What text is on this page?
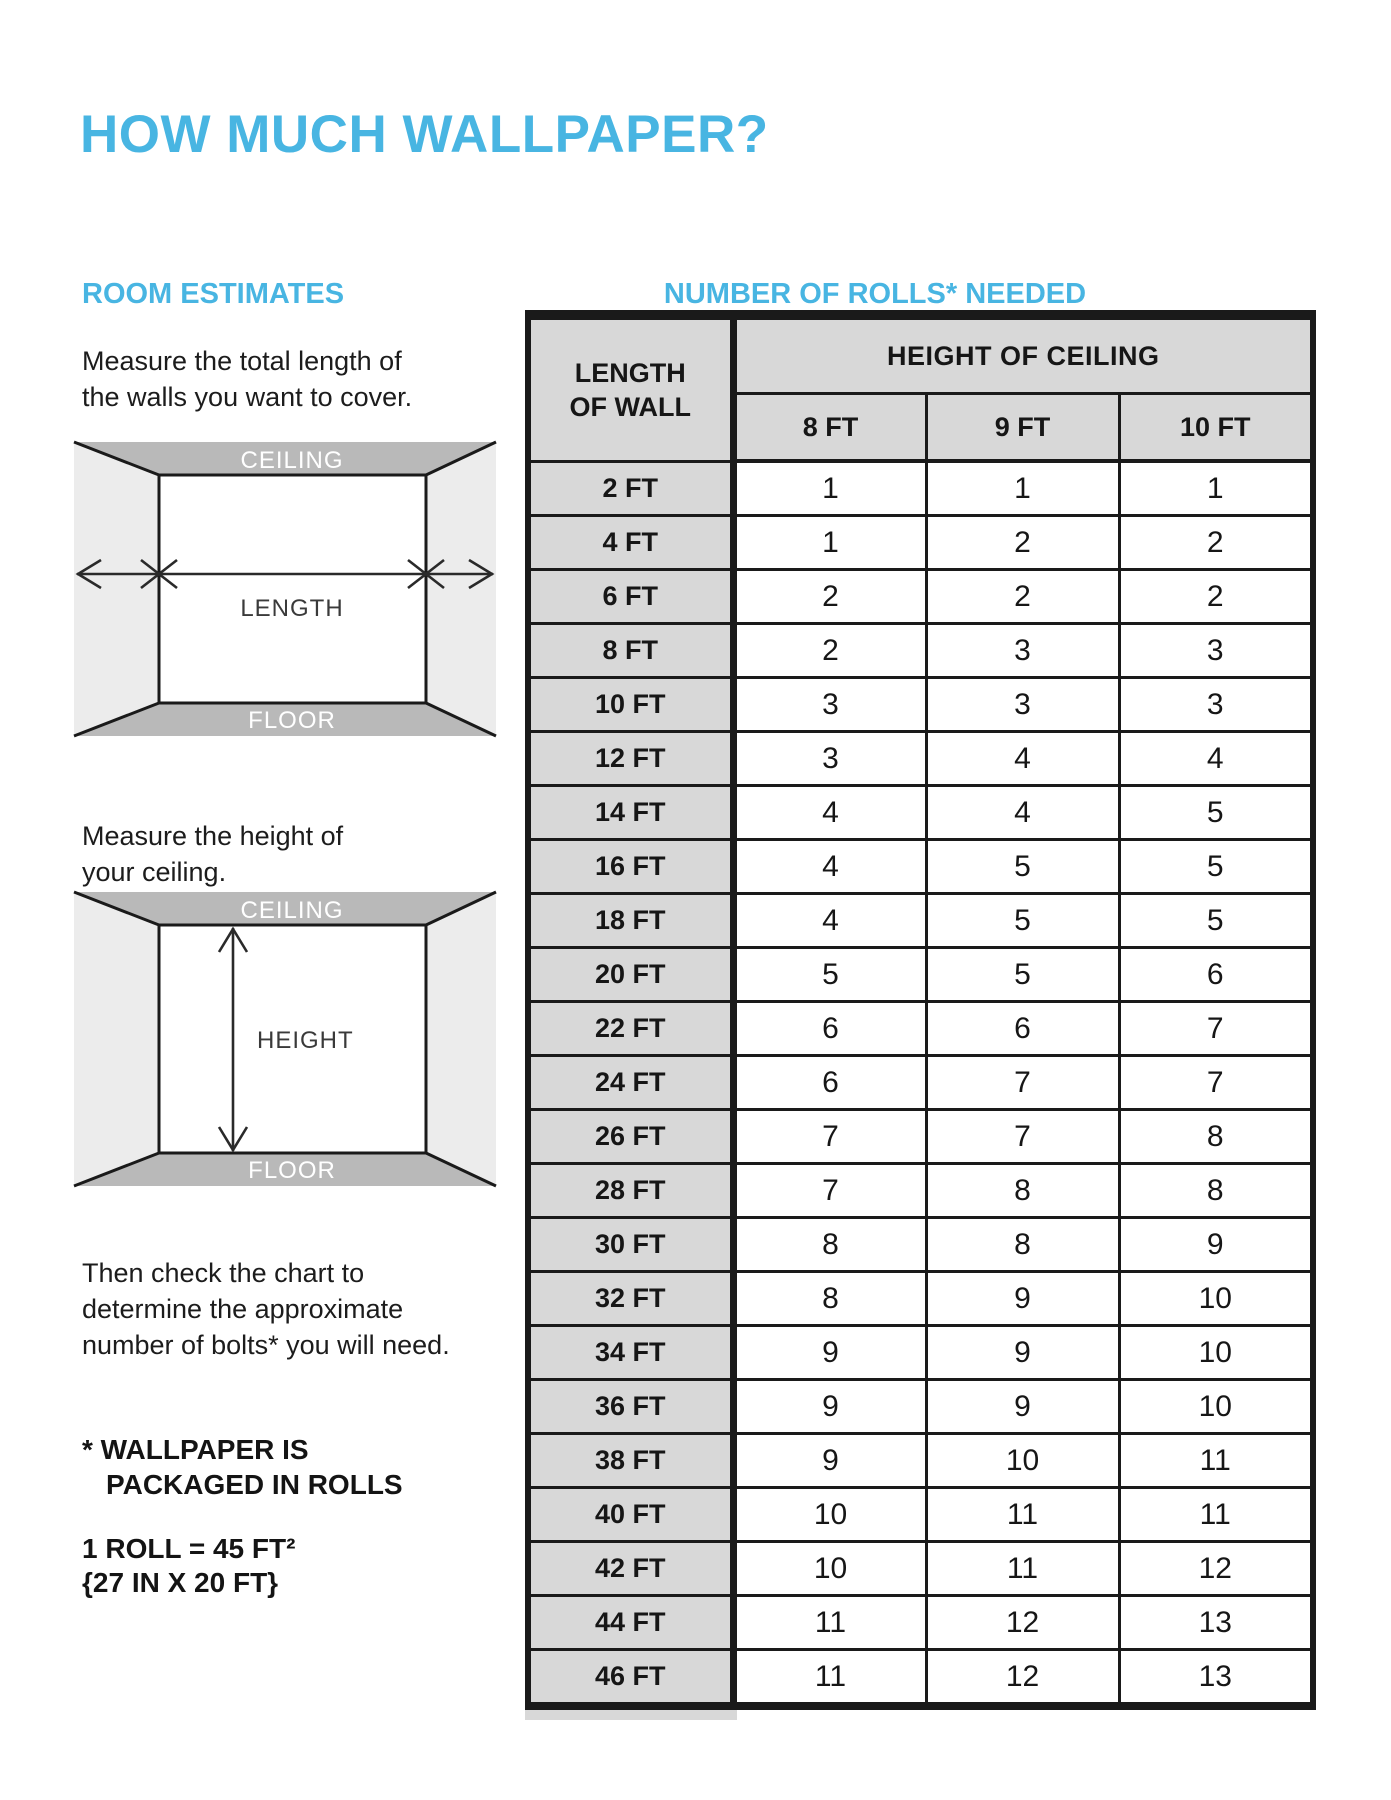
HOW MUCH WALLPAPER?
ROOM ESTIMATES

Measure the total length of
the walls you want to cover.

CEILING
FLOOR
LENGTH

Measure the height of
your ceiling.

CEILING
FLOOR
HEIGHT

Then check the chart to
determine the approximate
number of bolts* you will need.

* WALLPAPER IS
PACKAGED IN ROLLS
1 ROLL = 45 FT²
{27 IN X 20 FT}
NUMBER OF ROLLS* NEEDED
LENGTH
OF WALL	HEIGHT OF CEILING		
	8 FT	9 FT	10 FT
2 FT	1	1	1
4 FT	1	2	2
6 FT	2	2	2
8 FT	2	3	3
10 FT	3	3	3
12 FT	3	4	4
14 FT	4	4	5
16 FT	4	5	5
18 FT	4	5	5
20 FT	5	5	6
22 FT	6	6	7
24 FT	6	7	7
26 FT	7	7	8
28 FT	7	8	8
30 FT	8	8	9
32 FT	8	9	10
34 FT	9	9	10
36 FT	9	9	10
38 FT	9	10	11
40 FT	10	11	11
42 FT	10	11	12
44 FT	11	12	13
46 FT	11	12	13
